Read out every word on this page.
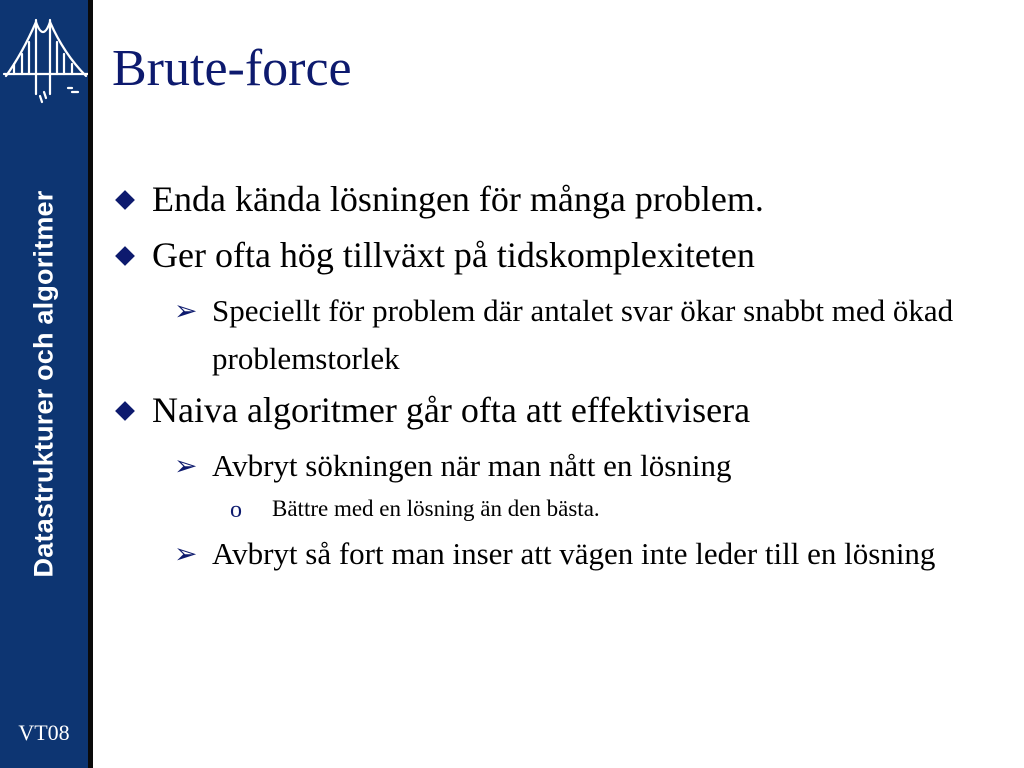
Datastrukturer och algoritmer
VT08
Brute-force
Enda kända lösningen för många problem.
Ger ofta hög tillväxt på tidskomplexiteten
➢ Speciellt för problem där antalet svar ökar snabbt med ökad problemstorlek
Naiva algoritmer går ofta att effektivisera
➢ Avbryt sökningen när man nått en lösning
o Bättre med en lösning än den bästa.
➢ Avbryt så fort man inser att vägen inte leder till en lösning
